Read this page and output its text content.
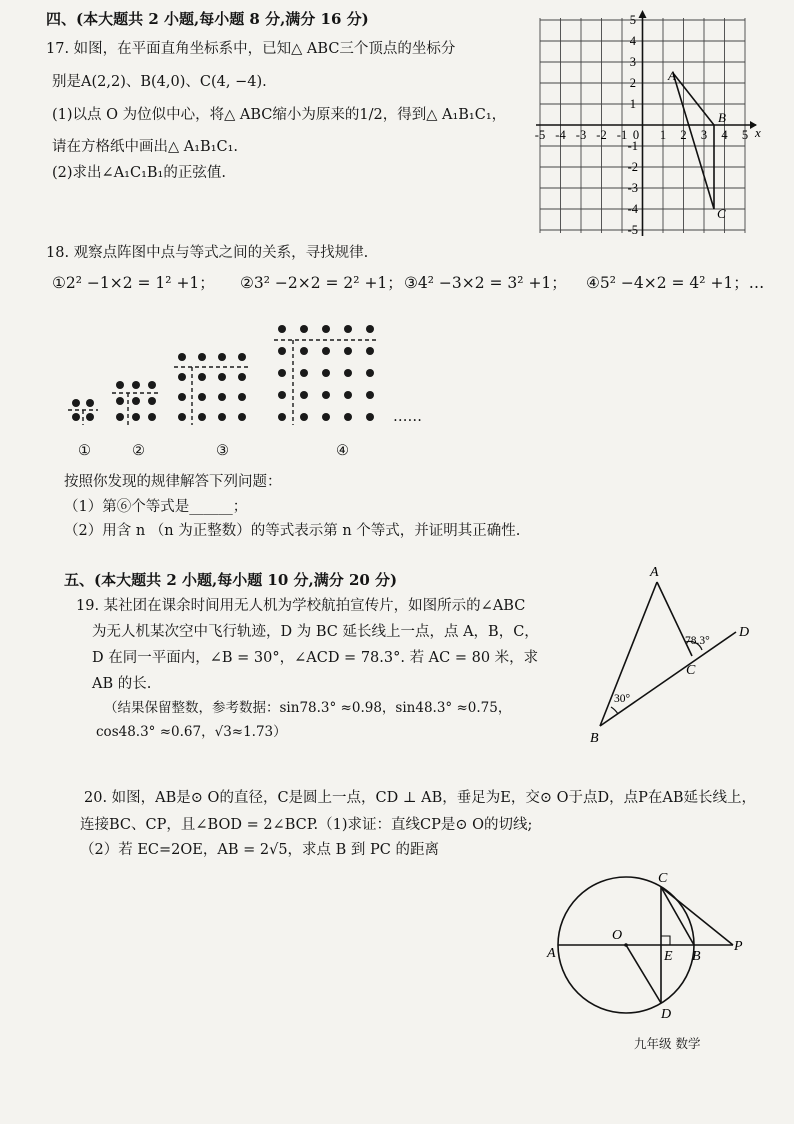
四、(本大题共 2 小题,每小题 8 分,满分 16 分)
17. 如图，在平面直角坐标系中，已知△ ABC三个顶点的坐标分
别是A(2,2)、B(4,0)、C(4, −4).
(1)以点 O 为位似中心，将△ ABC缩小为原来的1/2，得到△ A₁B₁C₁，
请在方格纸中画出△ A₁B₁C₁.
(2)求出∠A₁C₁B₁的正弦值.
x
-5 -4 -3 -2 -1 0 1 2 3 4 5
5
4
3
2
1
-1
-2
-3
-4
-5
A
B
C
18. 观察点阵图中点与等式之间的关系，寻找规律.
①2² −1×2 = 1² +1； ②3² −2×2 = 2² +1； ③4² −3×2 = 3² +1； ④5² −4×2 = 4² +1；…
……
①	②	③	④
按照你发现的规律解答下列问题：
（1）第⑥个等式是______；
（2）用含 n （n 为正整数）的等式表示第 n 个等式，并证明其正确性.
五、(本大题共 2 小题,每小题 10 分,满分 20 分)
19. 某社团在课余时间用无人机为学校航拍宣传片，如图所示的∠ABC
为无人机某次空中飞行轨迹，D 为 BC 延长线上一点，点 A，B，C，
D 在同一平面内，∠B = 30°，∠ACD = 78.3°. 若 AC = 80 米，求
AB 的长.
（结果保留整数，参考数据：sin78.3° ≈0.98，sin48.3° ≈0.75，
cos48.3° ≈0.67，√3≈1.73）
A
B
C
D
30°
78.3°
20. 如图，AB是⊙ O的直径，C是圆上一点，CD ⊥ AB，垂足为E，交⊙ O于点D，点P在AB延长线上，
连接BC、CP，且∠BOD = 2∠BCP.（1)求证：直线CP是⊙ O的切线;
（2）若 EC=2OE，AB = 2√5，求点 B 到 PC 的距离
A
O
E B
P
C
D
九年级 数学
